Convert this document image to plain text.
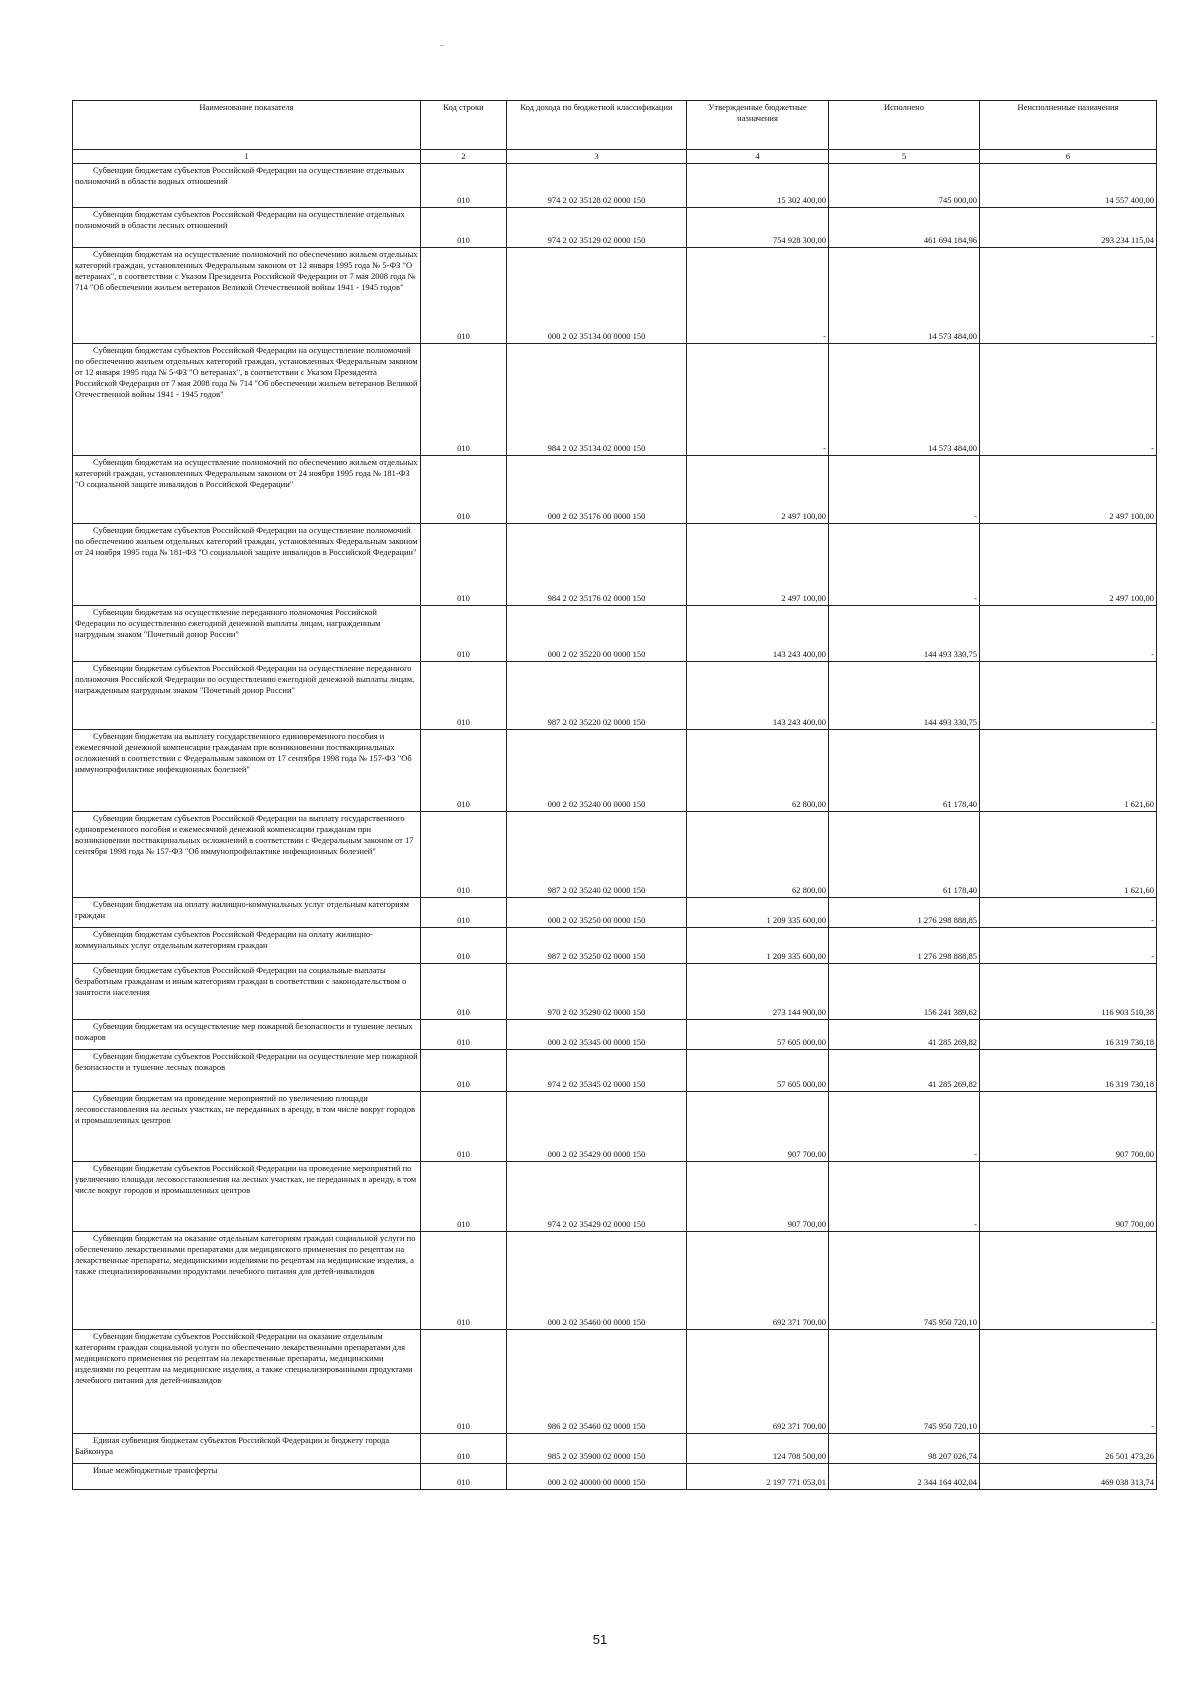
˜
Наименование показателя	Код строки	Код дохода по бюджетной классификации	Утвержденные бюджетные назначения	Исполнено	Неисполненные назначения
1	2	3	4	5	6
Субвенции бюджетам субъектов Российской Федерации на осуществление отдельных полномочий в области водных отношений	010	974 2 02 35128 02 0000 150	15 302 400,00	745 000,00	14 557 400,00
Субвенции бюджетам субъектов Российской Федерации на осуществление отдельных полномочий в области лесных отношений	010	974 2 02 35129 02 0000 150	754 928 300,00	461 694 184,96	293 234 115,04
Субвенции бюджетам на осуществление полномочий по обеспечению жильем отдельных категорий граждан, установленных Федеральным законом от 12 января 1995 года № 5-ФЗ "О ветеранах", в соответствии с Указом Президента Российской Федерации от 7 мая 2008 года № 714 "Об обеспечении жильем ветеранов Великой Отечественной войны 1941 - 1945 годов"	010	000 2 02 35134 00 0000 150	-	14 573 484,00	-
Субвенции бюджетам субъектов Российской Федерации на осуществление полномочий по обеспечению жильем отдельных категорий граждан, установленных Федеральным законом от 12 января 1995 года № 5-ФЗ "О ветеранах", в соответствии с Указом Президента Российской Федерации от 7 мая 2008 года № 714 "Об обеспечении жильем ветеранов Великой Отечественной войны 1941 - 1945 годов"	010	984 2 02 35134 02 0000 150	-	14 573 484,00	-
Субвенции бюджетам на осуществление полномочий по обеспечению жильем отдельных категорий граждан, установленных Федеральным законом от 24 ноября 1995 года № 181-ФЗ "О социальной защите инвалидов в Российской Федерации"	010	000 2 02 35176 00 0000 150	2 497 100,00	-	2 497 100,00
Субвенции бюджетам субъектов Российской Федерации на осуществление полномочий по обеспечению жильем отдельных категорий граждан, установленных Федеральным законом от 24 ноября 1995 года № 181-ФЗ "О социальной защите инвалидов в Российской Федерации"	010	984 2 02 35176 02 0000 150	2 497 100,00	-	2 497 100,00
Субвенции бюджетам на осуществление переданного полномочия Российской Федерации по осуществлению ежегодной денежной выплаты лицам, награжденным нагрудным знаком "Почетный донор России"	010	000 2 02 35220 00 0000 150	143 243 400,00	144 493 330,75	-
Субвенции бюджетам субъектов Российской Федерации на осуществление переданного полномочия Российской Федерации по осуществлению ежегодной денежной выплаты лицам, награжденным нагрудным знаком "Почетный донор России"	010	987 2 02 35220 02 0000 150	143 243 400,00	144 493 330,75	-
Субвенции бюджетам на выплату государственного единовременного пособия и ежемесячной денежной компенсации гражданам при возникновении поствакцинальных осложнений в соответствии с Федеральным законом от 17 сентября 1998 года № 157-ФЗ "Об иммунопрофилактике инфекционных болезней"	010	000 2 02 35240 00 0000 150	62 800,00	61 178,40	1 621,60
Субвенции бюджетам субъектов Российской Федерации на выплату государственного единовременного пособия и ежемесячной денежной компенсации гражданам при возникновении поствакцинальных осложнений в соответствии с Федеральным законом от 17 сентября 1998 года № 157-ФЗ "Об иммунопрофилактике инфекционных болезней"	010	987 2 02 35240 02 0000 150	62 800,00	61 178,40	1 621,60
Субвенции бюджетам на оплату жилищно-коммунальных услуг отдельным категориям граждан	010	000 2 02 35250 00 0000 150	1 209 335 600,00	1 276 298 888,85	-
Субвенции бюджетам субъектов Российской Федерации на оплату жилищно-коммунальных услуг отдельным категориям граждан	010	987 2 02 35250 02 0000 150	1 209 335 600,00	1 276 298 888,85	-
Субвенции бюджетам субъектов Российской Федерации на социальные выплаты безработным гражданам и иным категориям граждан в соответствии с законодательством о занятости населения	010	970 2 02 35290 02 0000 150	273 144 900,00	156 241 389,62	116 903 510,38
Субвенции бюджетам на осуществление мер пожарной безопасности и тушение лесных пожаров	010	000 2 02 35345 00 0000 150	57 605 000,00	41 285 269,82	16 319 730,18
Субвенции бюджетам субъектов Российской Федерации на осуществление мер пожарной безопасности и тушение лесных пожаров	010	974 2 02 35345 02 0000 150	57 605 000,00	41 285 269,82	16 319 730,18
Субвенции бюджетам на проведение мероприятий по увеличению площади лесовосстановления на лесных участках, не переданных в аренду, в том числе вокруг городов и промышленных центров	010	000 2 02 35429 00 0000 150	907 700,00	-	907 700,00
Субвенции бюджетам субъектов Российской Федерации на проведение мероприятий по увеличению площади лесовосстановления на лесных участках, не переданных в аренду, в том числе вокруг городов и промышленных центров	010	974 2 02 35429 02 0000 150	907 700,00	-	907 700,00
Субвенции бюджетам на оказание отдельным категориям граждан социальной услуги по обеспечению лекарственными препаратами для медицинского применения по рецептам на лекарственные препараты, медицинскими изделиями по рецептам на медицинские изделия, а также специализированными продуктами лечебного питания для детей-инвалидов	010	000 2 02 35460 00 0000 150	692 371 700,00	745 950 720,10	-
Субвенции бюджетам субъектов Российской Федерации на оказание отдельным категориям граждан социальной услуги по обеспечению лекарственными препаратами для медицинского применения по рецептам на лекарственные препараты, медицинскими изделиями по рецептам на медицинские изделия, а также специализированными продуктами лечебного питания для детей-инвалидов	010	986 2 02 35460 02 0000 150	692 371 700,00	745 950 720,10	-
Единая субвенция бюджетам субъектов Российской Федерации и бюджету города Байконура	010	985 2 02 35900 02 0000 150	124 708 500,00	98 207 026,74	26 501 473,26
Иные межбюджетные трансферты	010	000 2 02 40000 00 0000 150	2 197 771 053,01	2 344 164 402,04	469 038 313,74
51
